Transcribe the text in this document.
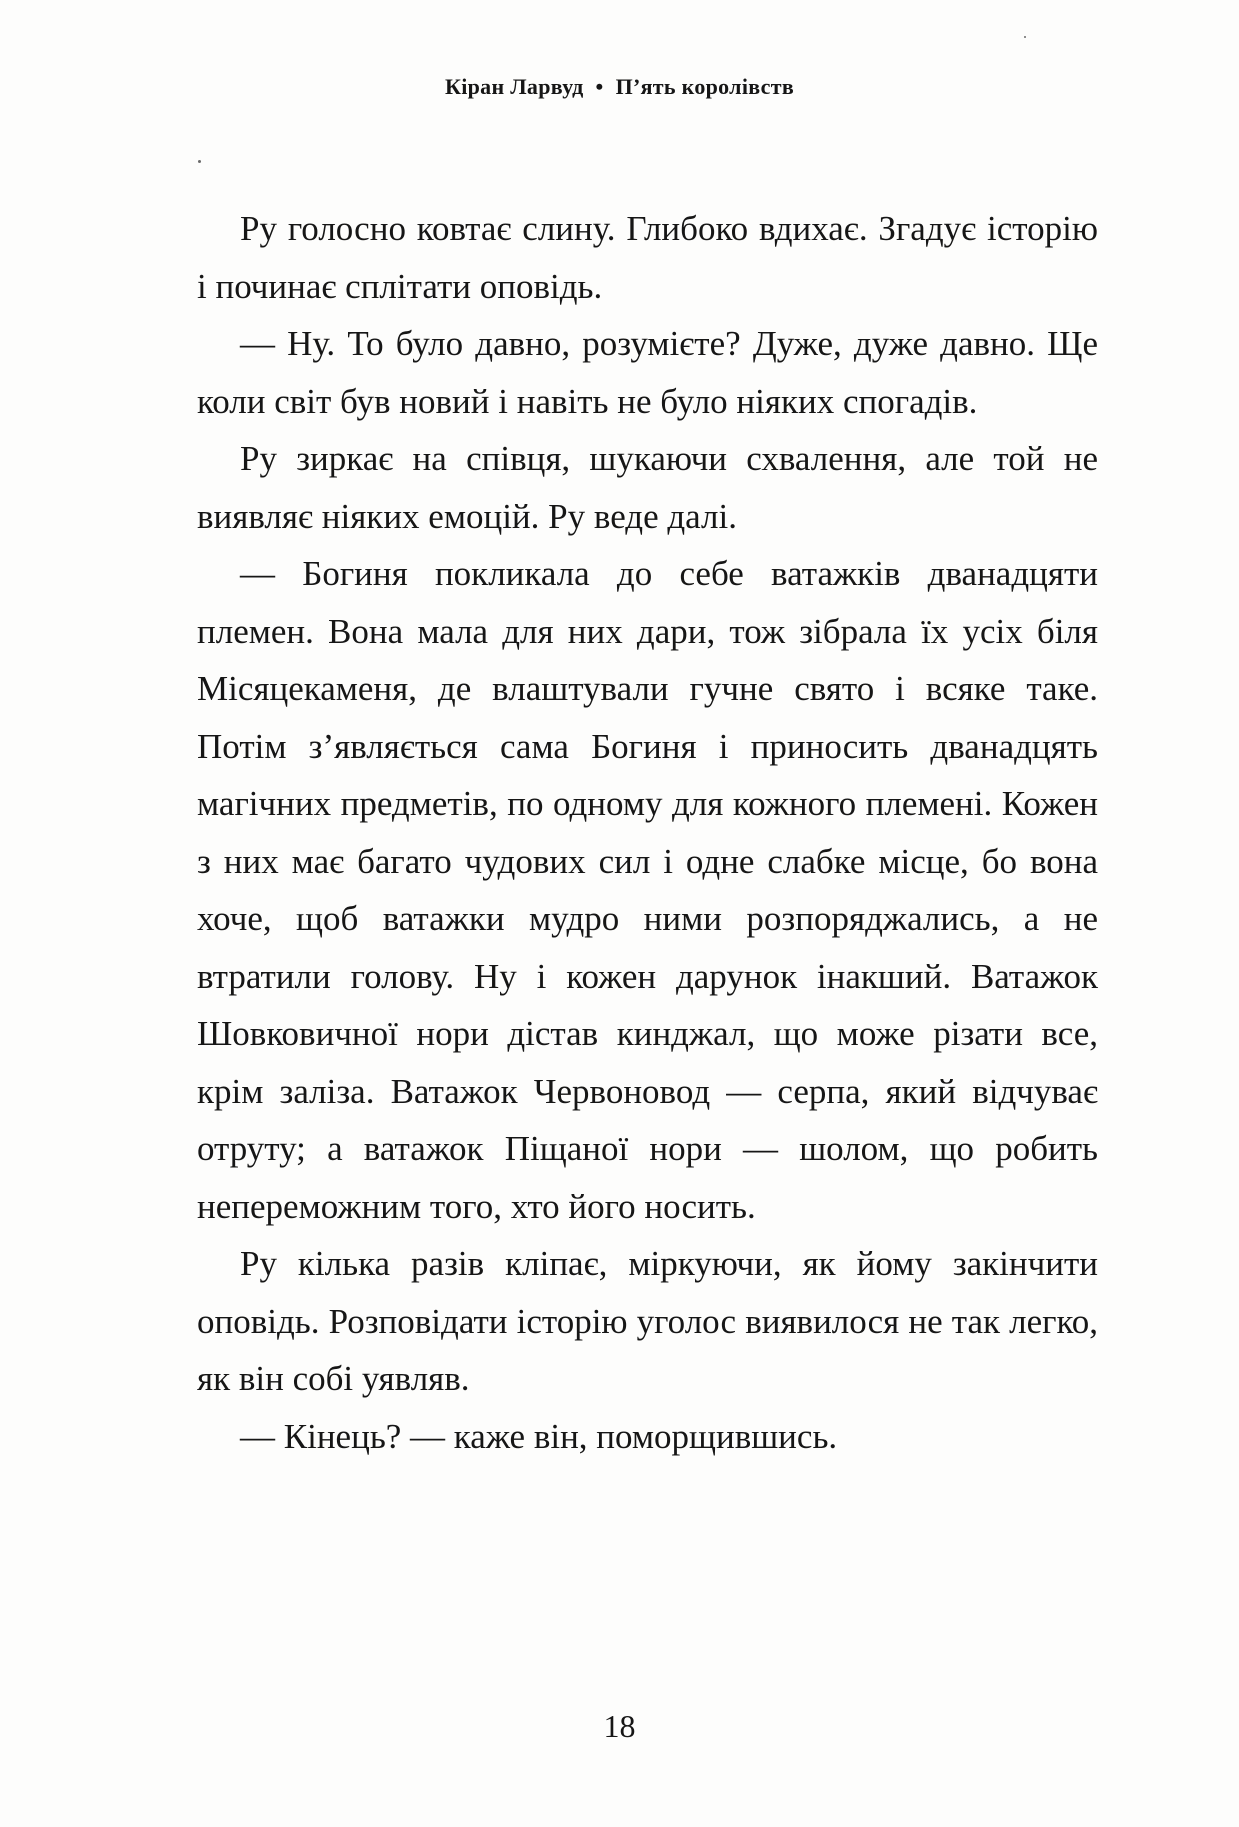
Кіран Ларвуд • П’ять королівств

Ру голосно ковтає слину. Глибоко вдихає. Згадує історію і починає сплітати оповідь.

— Ну. То було давно, розумієте? Дуже, дуже давно. Ще коли світ був новий і навіть не було ніяких спогадів.

Ру зиркає на співця, шукаючи схвалення, але той не виявляє ніяких емоцій. Ру веде далі.

— Богиня покликала до себе ватажків дванадцяти племен. Вона мала для них дари, тож зібрала їх усіх біля Місяцекаменя, де влаштували гучне свято і всяке таке. Потім з’являється сама Богиня і приносить дванадцять магічних предметів, по одному для кожного племені. Кожен з них має багато чудових сил і одне слабке місце, бо вона хоче, щоб ватажки мудро ними розпоряджались, а не втратили голову. Ну і кожен дарунок інакший. Ватажок Шовковичної нори дістав кинджал, що може різати все, крім заліза. Ватажок Червоновод — серпа, який відчуває отруту; а ватажок Піщаної нори — шолом, що робить непереможним того, хто його носить.

Ру кілька разів кліпає, міркуючи, як йому закінчити оповідь. Розповідати історію уголос виявилося не так легко, як він собі уявляв.

— Кінець? — каже він, поморщившись.

18
